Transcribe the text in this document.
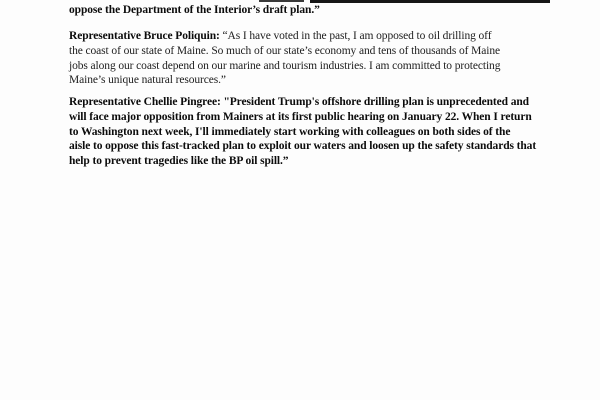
oppose the Department of the Interior’s draft plan.”
Representative Bruce Poliquin: “As I have voted in the past, I am opposed to oil drilling off
the coast of our state of Maine. So much of our state’s economy and tens of thousands of Maine
jobs along our coast depend on our marine and tourism industries. I am committed to protecting
Maine’s unique natural resources.”
Representative Chellie Pingree: "President Trump's offshore drilling plan is unprecedented and
will face major opposition from Mainers at its first public hearing on January 22. When I return
to Washington next week, I'll immediately start working with colleagues on both sides of the
aisle to oppose this fast-tracked plan to exploit our waters and loosen up the safety standards that
help to prevent tragedies like the BP oil spill.”
